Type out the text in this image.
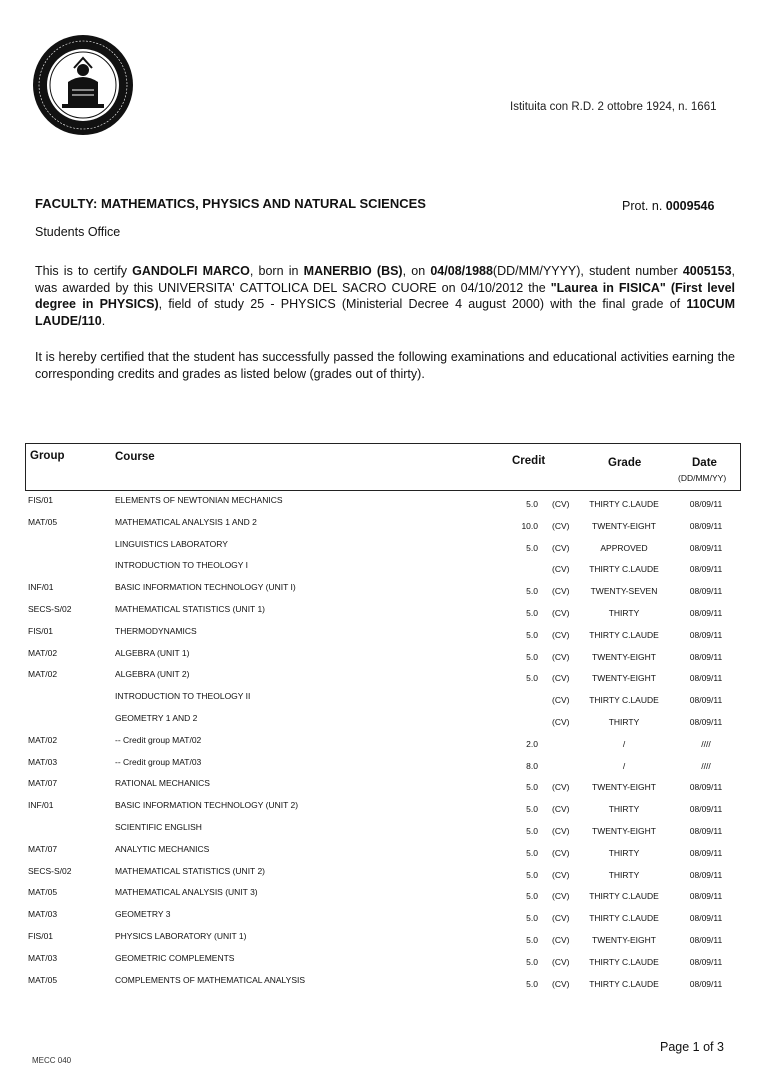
Istituita con R.D. 2 ottobre 1924, n. 1661
FACULTY: MATHEMATICS, PHYSICS AND NATURAL SCIENCES	Prot. n. 0009546
Students Office
This is to certify GANDOLFI MARCO, born in MANERBIO (BS), on 04/08/1988(DD/MM/YYYY), student number 4005153, was awarded by this UNIVERSITA' CATTOLICA DEL SACRO CUORE on 04/10/2012 the "Laurea in FISICA" (First level degree in PHYSICS), field of study 25 - PHYSICS (Ministerial Decree 4 august 2000) with the final grade of 110CUM LAUDE/110.
It is hereby certified that the student has successfully passed the following examinations and educational activities earning the corresponding credits and grades as listed below (grades out of thirty).
Group	Course	Credit	Grade	Date
(DD/MM/YY)
FIS/01	ELEMENTS OF NEWTONIAN MECHANICS	5.0 (CV)	THIRTY C.LAUDE	08/09/11
MAT/05	MATHEMATICAL ANALYSIS 1 AND 2	10.0 (CV)	TWENTY-EIGHT	08/09/11
LINGUISTICS LABORATORY	5.0 (CV)	APPROVED	08/09/11
INTRODUCTION TO THEOLOGY I	(CV)	THIRTY C.LAUDE	08/09/11
INF/01	BASIC INFORMATION TECHNOLOGY (UNIT I)	5.0 (CV)	TWENTY-SEVEN	08/09/11
SECS-S/02	MATHEMATICAL STATISTICS (UNIT 1)	5.0 (CV)	THIRTY	08/09/11
FIS/01	THERMODYNAMICS	5.0 (CV)	THIRTY C.LAUDE	08/09/11
MAT/02	ALGEBRA (UNIT 1)	5.0 (CV)	TWENTY-EIGHT	08/09/11
MAT/02	ALGEBRA (UNIT 2)	5.0 (CV)	TWENTY-EIGHT	08/09/11
INTRODUCTION TO THEOLOGY II	(CV)	THIRTY C.LAUDE	08/09/11
GEOMETRY 1 AND 2	(CV)	THIRTY	08/09/11
MAT/02	-- Credit group MAT/02	2.0	/	////
MAT/03	-- Credit group MAT/03	8.0	/	////
MAT/07	RATIONAL MECHANICS	5.0 (CV)	TWENTY-EIGHT	08/09/11
INF/01	BASIC INFORMATION TECHNOLOGY (UNIT 2)	5.0 (CV)	THIRTY	08/09/11
SCIENTIFIC ENGLISH	5.0 (CV)	TWENTY-EIGHT	08/09/11
MAT/07	ANALYTIC MECHANICS	5.0 (CV)	THIRTY	08/09/11
SECS-S/02	MATHEMATICAL STATISTICS (UNIT 2)	5.0 (CV)	THIRTY	08/09/11
MAT/05	MATHEMATICAL ANALYSIS (UNIT 3)	5.0 (CV)	THIRTY C.LAUDE	08/09/11
MAT/03	GEOMETRY 3	5.0 (CV)	THIRTY C.LAUDE	08/09/11
FIS/01	PHYSICS LABORATORY (UNIT 1)	5.0 (CV)	TWENTY-EIGHT	08/09/11
MAT/03	GEOMETRIC COMPLEMENTS	5.0 (CV)	THIRTY C.LAUDE	08/09/11
MAT/05	COMPLEMENTS OF MATHEMATICAL ANALYSIS	5.0 (CV)	THIRTY C.LAUDE	08/09/11
Page 1 of 3
MECC 040
